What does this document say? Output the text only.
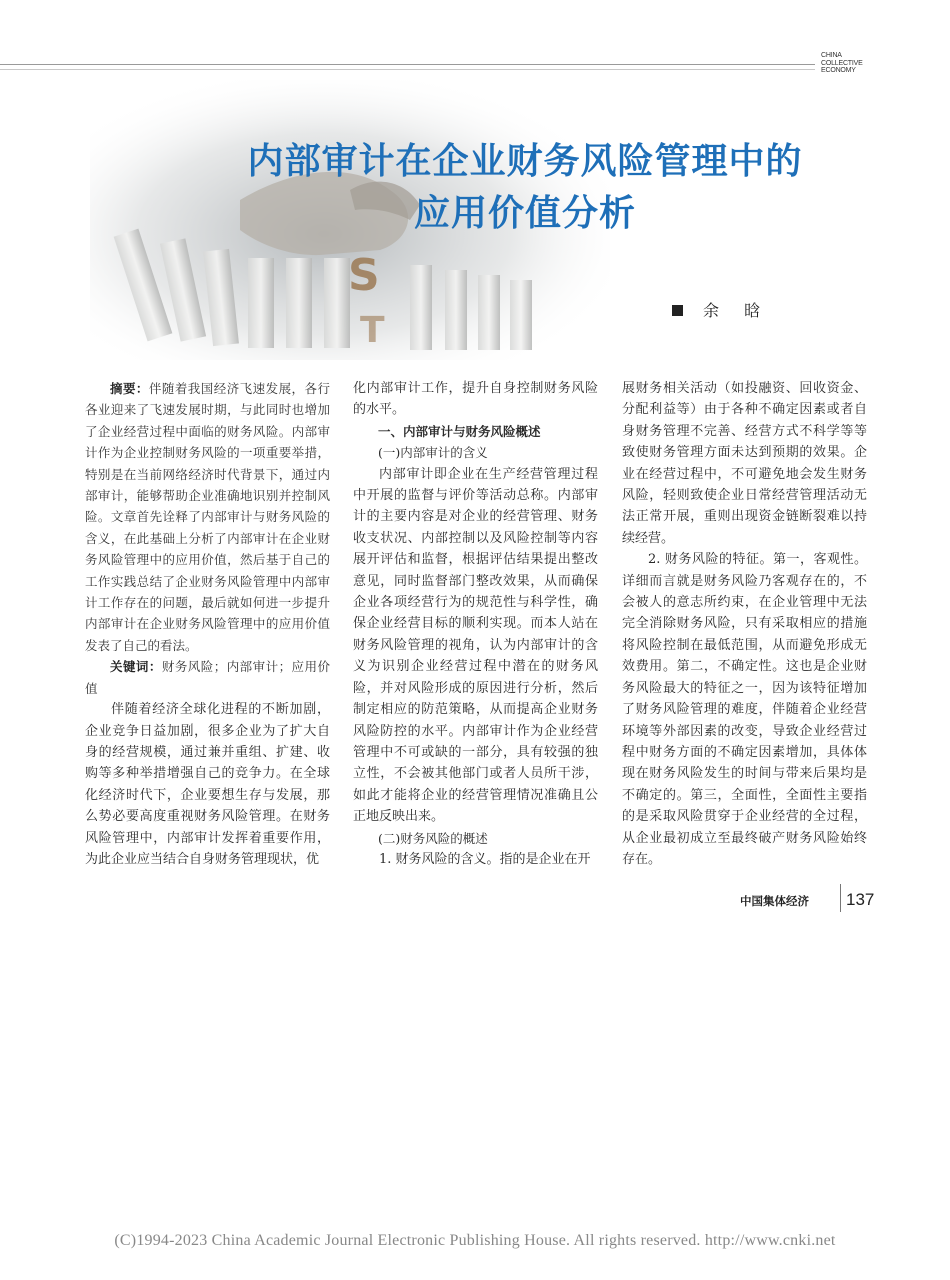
CHINA
COLLECTIVE
ECONOMY
S
T
内部审计在企业财务风险管理中的
应用价值分析
余 晗

摘要：伴随着我国经济飞速发展，各行各业迎来了飞速发展时期，与此同时也增加了企业经营过程中面临的财务风险。内部审计作为企业控制财务风险的一项重要举措，特别是在当前网络经济时代背景下，通过内部审计，能够帮助企业准确地识别并控制风险。文章首先诠释了内部审计与财务风险的含义，在此基础上分析了内部审计在企业财务风险管理中的应用价值，然后基于自己的工作实践总结了企业财务风险管理中内部审计工作存在的问题，最后就如何进一步提升内部审计在企业财务风险管理中的应用价值发表了自己的看法。

关键词：财务风险；内部审计；应用价值

伴随着经济全球化进程的不断加剧，企业竞争日益加剧，很多企业为了扩大自身的经营规模，通过兼并重组、扩建、收购等多种举措增强自己的竞争力。在全球化经济时代下，企业要想生存与发展，那么势必要高度重视财务风险管理。在财务风险管理中，内部审计发挥着重要作用，为此企业应当结合自身财务管理现状，优

化内部审计工作，提升自身控制财务风险的水平。

一、内部审计与财务风险概述

(一)内部审计的含义

内部审计即企业在生产经营管理过程中开展的监督与评价等活动总称。内部审计的主要内容是对企业的经营管理、财务收支状况、内部控制以及风险控制等内容展开评估和监督，根据评估结果提出整改意见，同时监督部门整改效果，从而确保企业各项经营行为的规范性与科学性，确保企业经营目标的顺利实现。而本人站在财务风险管理的视角，认为内部审计的含义为识别企业经营过程中潜在的财务风险，并对风险形成的原因进行分析，然后制定相应的防范策略，从而提高企业财务风险防控的水平。内部审计作为企业经营管理中不可或缺的一部分，具有较强的独立性，不会被其他部门或者人员所干涉，如此才能将企业的经营管理情况准确且公正地反映出来。

(二)财务风险的概述

1. 财务风险的含义。指的是企业在开

展财务相关活动（如投融资、回收资金、分配利益等）由于各种不确定因素或者自身财务管理不完善、经营方式不科学等等致使财务管理方面未达到预期的效果。企业在经营过程中，不可避免地会发生财务风险，轻则致使企业日常经营管理活动无法正常开展，重则出现资金链断裂难以持续经营。

2. 财务风险的特征。第一，客观性。详细而言就是财务风险乃客观存在的，不会被人的意志所约束，在企业管理中无法完全消除财务风险，只有采取相应的措施将风险控制在最低范围，从而避免形成无效费用。第二，不确定性。这也是企业财务风险最大的特征之一，因为该特征增加了财务风险管理的难度，伴随着企业经营环境等外部因素的改变，导致企业经营过程中财务方面的不确定因素增加，具体体现在财务风险发生的时间与带来后果均是不确定的。第三，全面性，全面性主要指的是采取风险贯穿于企业经营的全过程，从企业最初成立至最终破产财务风险始终存在。

中国集体经济 137
(C)1994-2023 China Academic Journal Electronic Publishing House. All rights reserved. http://www.cnki.net
